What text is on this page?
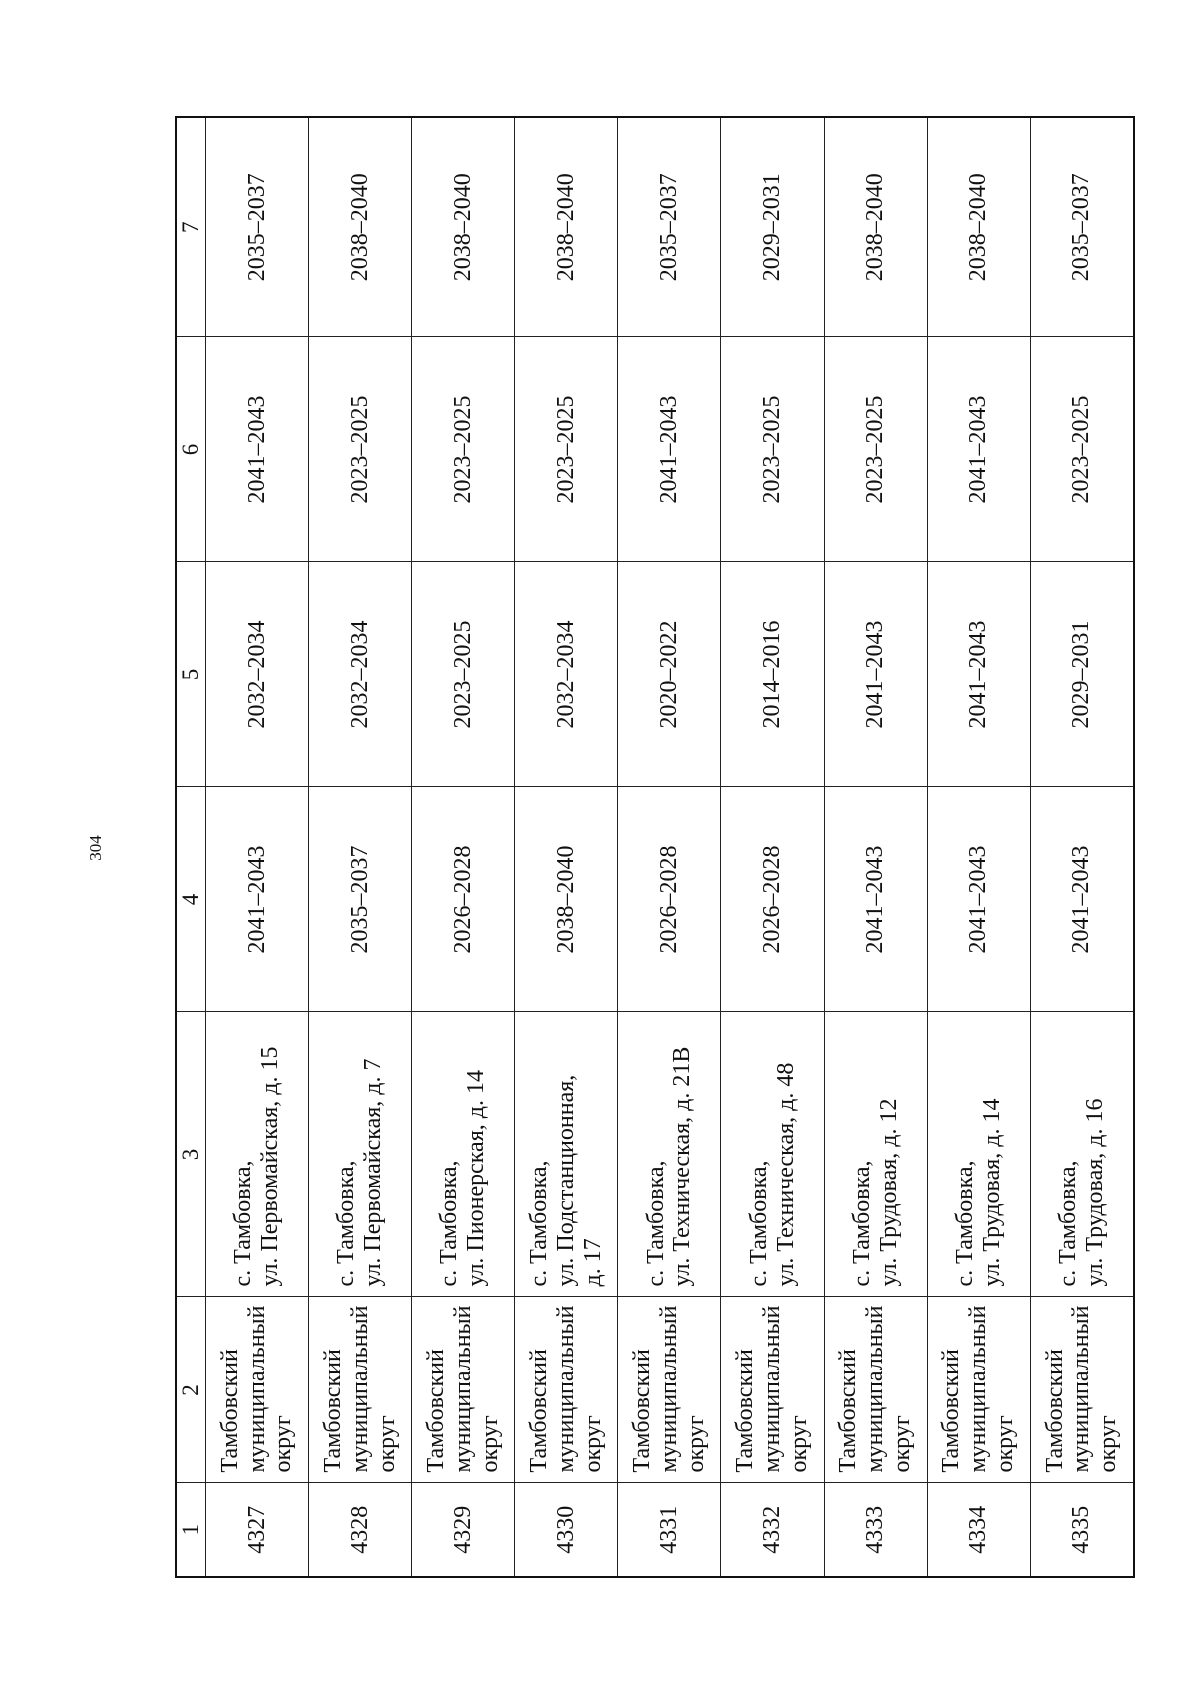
304
1	2	3	4	5	6	7
4327	Тамбовский муниципальный округ	с. Тамбовка, ул. Первомайская, д. 15	2041–2043	2032–2034	2041–2043	2035–2037
4328	Тамбовский муниципальный округ	с. Тамбовка, ул. Первомайская, д. 7	2035–2037	2032–2034	2023–2025	2038–2040
4329	Тамбовский муниципальный округ	с. Тамбовка, ул. Пионерская, д. 14	2026–2028	2023–2025	2023–2025	2038–2040
4330	Тамбовский муниципальный округ	с. Тамбовка, ул. Подстанционная, д. 17	2038–2040	2032–2034	2023–2025	2038–2040
4331	Тамбовский муниципальный округ	с. Тамбовка, ул. Техническая, д. 21В	2026–2028	2020–2022	2041–2043	2035–2037
4332	Тамбовский муниципальный округ	с. Тамбовка, ул. Техническая, д. 48	2026–2028	2014–2016	2023–2025	2029–2031
4333	Тамбовский муниципальный округ	с. Тамбовка, ул. Трудовая, д. 12	2041–2043	2041–2043	2023–2025	2038–2040
4334	Тамбовский муниципальный округ	с. Тамбовка, ул. Трудовая, д. 14	2041–2043	2041–2043	2041–2043	2038–2040
4335	Тамбовский муниципальный округ	с. Тамбовка, ул. Трудовая, д. 16	2041–2043	2029–2031	2023–2025	2035–2037
